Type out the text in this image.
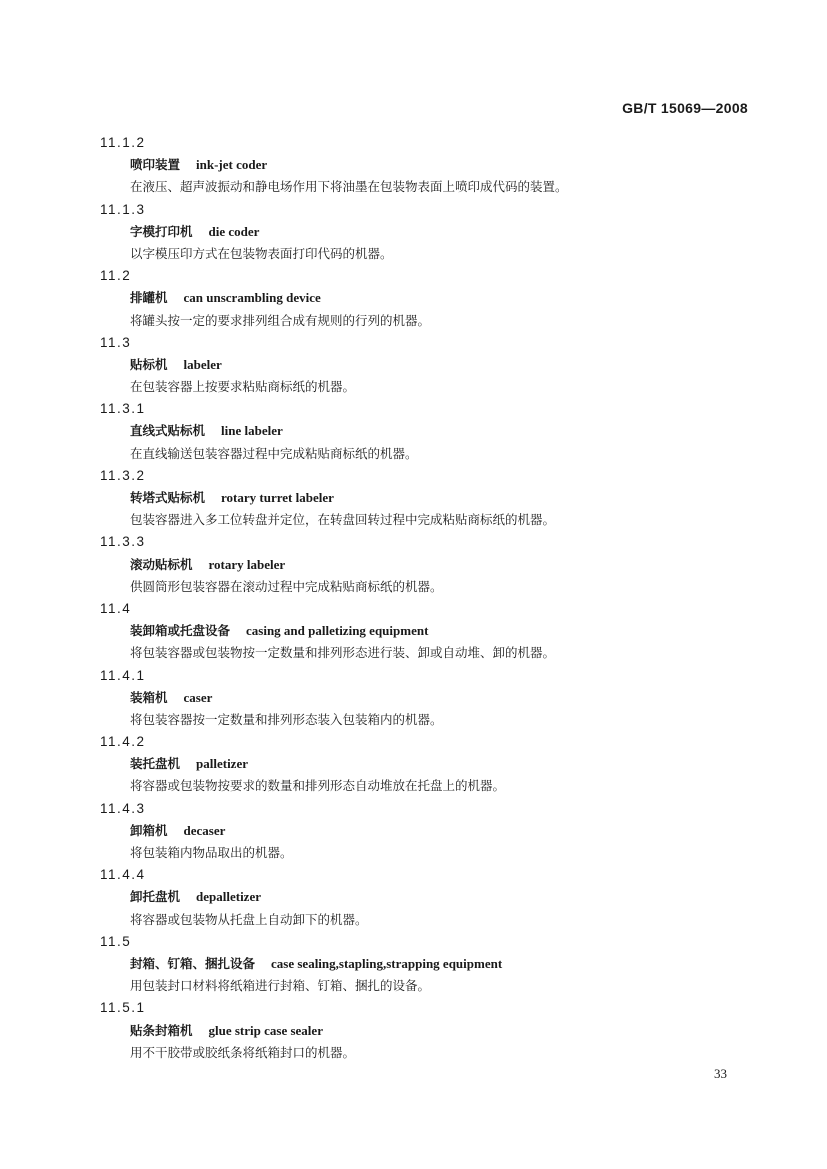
GB/T 15069—2008
11.1.2
喷印装置 ink-jet coder
在液压、超声波振动和静电场作用下将油墨在包装物表面上喷印成代码的装置。
11.1.3
字模打印机 die coder
以字模压印方式在包装物表面打印代码的机器。
11.2
排罐机 can unscrambling device
将罐头按一定的要求排列组合成有规则的行列的机器。
11.3
贴标机 labeler
在包装容器上按要求粘贴商标纸的机器。
11.3.1
直线式贴标机 line labeler
在直线输送包装容器过程中完成粘贴商标纸的机器。
11.3.2
转塔式贴标机 rotary turret labeler
包装容器进入多工位转盘并定位，在转盘回转过程中完成粘贴商标纸的机器。
11.3.3
滚动贴标机 rotary labeler
供圆筒形包装容器在滚动过程中完成粘贴商标纸的机器。
11.4
装卸箱或托盘设备 casing and palletizing equipment
将包装容器或包装物按一定数量和排列形态进行装、卸或自动堆、卸的机器。
11.4.1
装箱机 caser
将包装容器按一定数量和排列形态装入包装箱内的机器。
11.4.2
装托盘机 palletizer
将容器或包装物按要求的数量和排列形态自动堆放在托盘上的机器。
11.4.3
卸箱机 decaser
将包装箱内物品取出的机器。
11.4.4
卸托盘机 depalletizer
将容器或包装物从托盘上自动卸下的机器。
11.5
封箱、钉箱、捆扎设备 case sealing,stapling,strapping equipment
用包装封口材料将纸箱进行封箱、钉箱、捆扎的设备。
11.5.1
贴条封箱机 glue strip case sealer
用不干胶带或胶纸条将纸箱封口的机器。
33
